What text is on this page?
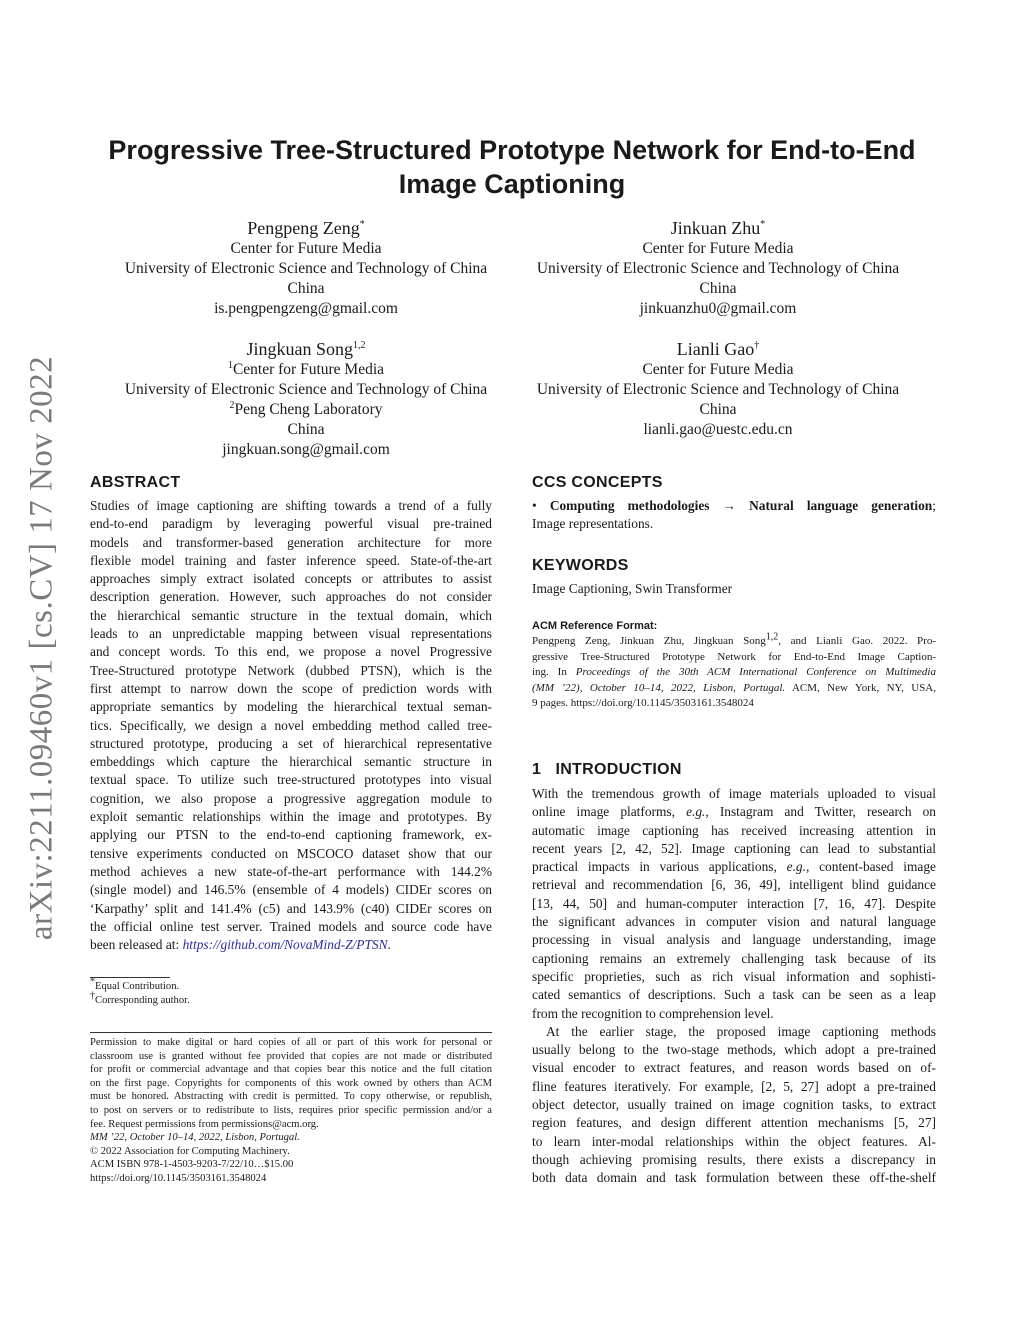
arXiv:2211.09460v1 [cs.CV] 17 Nov 2022
Progressive Tree-Structured Prototype Network for End-to-End
Image Captioning
Pengpeng Zeng*
Center for Future Media
University of Electronic Science and Technology of China
China
is.pengpengzeng@gmail.com
Jinkuan Zhu*
Center for Future Media
University of Electronic Science and Technology of China
China
jinkuanzhu0@gmail.com
Jingkuan Song$^{1,2}$
$^1$Center for Future Media
University of Electronic Science and Technology of China
$^2$Peng Cheng Laboratory
China
jingkuan.song@gmail.com
Lianli Gao†
Center for Future Media
University of Electronic Science and Technology of China
China
lianli.gao@uestc.edu.cn
ABSTRACT
Studies of image captioning are shifting towards a trend of a fully
end-to-end paradigm by leveraging powerful visual pre-trained
models and transformer-based generation architecture for more
flexible model training and faster inference speed. State-of-the-art
approaches simply extract isolated concepts or attributes to assist
description generation. However, such approaches do not consider
the hierarchical semantic structure in the textual domain, which
leads to an unpredictable mapping between visual representations
and concept words. To this end, we propose a novel Progressive
Tree-Structured prototype Network (dubbed PTSN), which is the
first attempt to narrow down the scope of prediction words with
appropriate semantics by modeling the hierarchical textual seman-
tics. Specifically, we design a novel embedding method called tree-
structured prototype, producing a set of hierarchical representative
embeddings which capture the hierarchical semantic structure in
textual space. To utilize such tree-structured prototypes into visual
cognition, we also propose a progressive aggregation module to
exploit semantic relationships within the image and prototypes. By
applying our PTSN to the end-to-end captioning framework, ex-
tensive experiments conducted on MSCOCO dataset show that our
method achieves a new state-of-the-art performance with 144.2%
(single model) and 146.5% (ensemble of 4 models) CIDEr scores on
‘Karpathy’ split and 141.4% (c5) and 143.9% (c40) CIDEr scores on
the official online test server. Trained models and source code have
been released at: https://github.com/NovaMind-Z/PTSN.
*Equal Contribution.
†Corresponding author.
Permission to make digital or hard copies of all or part of this work for personal or
classroom use is granted without fee provided that copies are not made or distributed
for profit or commercial advantage and that copies bear this notice and the full citation
on the first page. Copyrights for components of this work owned by others than ACM
must be honored. Abstracting with credit is permitted. To copy otherwise, or republish,
to post on servers or to redistribute to lists, requires prior specific permission and/or a
fee. Request permissions from permissions@acm.org.
MM ’22, October 10–14, 2022, Lisbon, Portugal.
© 2022 Association for Computing Machinery.
ACM ISBN 978-1-4503-9203-7/22/10…$15.00
https://doi.org/10.1145/3503161.3548024
CCS CONCEPTS
• Computing methodologies → Natural language generation;
Image representations.
KEYWORDS
Image Captioning, Swin Transformer
ACM Reference Format:
Pengpeng Zeng, Jinkuan Zhu, Jingkuan Song$^{1,2}$, and Lianli Gao. 2022. Pro-
gressive Tree-Structured Prototype Network for End-to-End Image Caption-
ing. In Proceedings of the 30th ACM International Conference on Multimedia
(MM ’22), October 10–14, 2022, Lisbon, Portugal. ACM, New York, NY, USA,
9 pages. https://doi.org/10.1145/3503161.3548024
1 INTRODUCTION
With the tremendous growth of image materials uploaded to visual
online image platforms, e.g., Instagram and Twitter, research on
automatic image captioning has received increasing attention in
recent years [2, 42, 52]. Image captioning can lead to substantial
practical impacts in various applications, e.g., content-based image
retrieval and recommendation [6, 36, 49], intelligent blind guidance
[13, 44, 50] and human-computer interaction [7, 16, 47]. Despite
the significant advances in computer vision and natural language
processing in visual analysis and language understanding, image
captioning remains an extremely challenging task because of its
specific proprieties, such as rich visual information and sophisti-
cated semantics of descriptions. Such a task can be seen as a leap
from the recognition to comprehension level.
At the earlier stage, the proposed image captioning methods
usually belong to the two-stage methods, which adopt a pre-trained
visual encoder to extract features, and reason words based on of-
fline features iteratively. For example, [2, 5, 27] adopt a pre-trained
object detector, usually trained on image cognition tasks, to extract
region features, and design different attention mechanisms [5, 27]
to learn inter-modal relationships within the object features. Al-
though achieving promising results, there exists a discrepancy in
both data domain and task formulation between these off-the-shelf
